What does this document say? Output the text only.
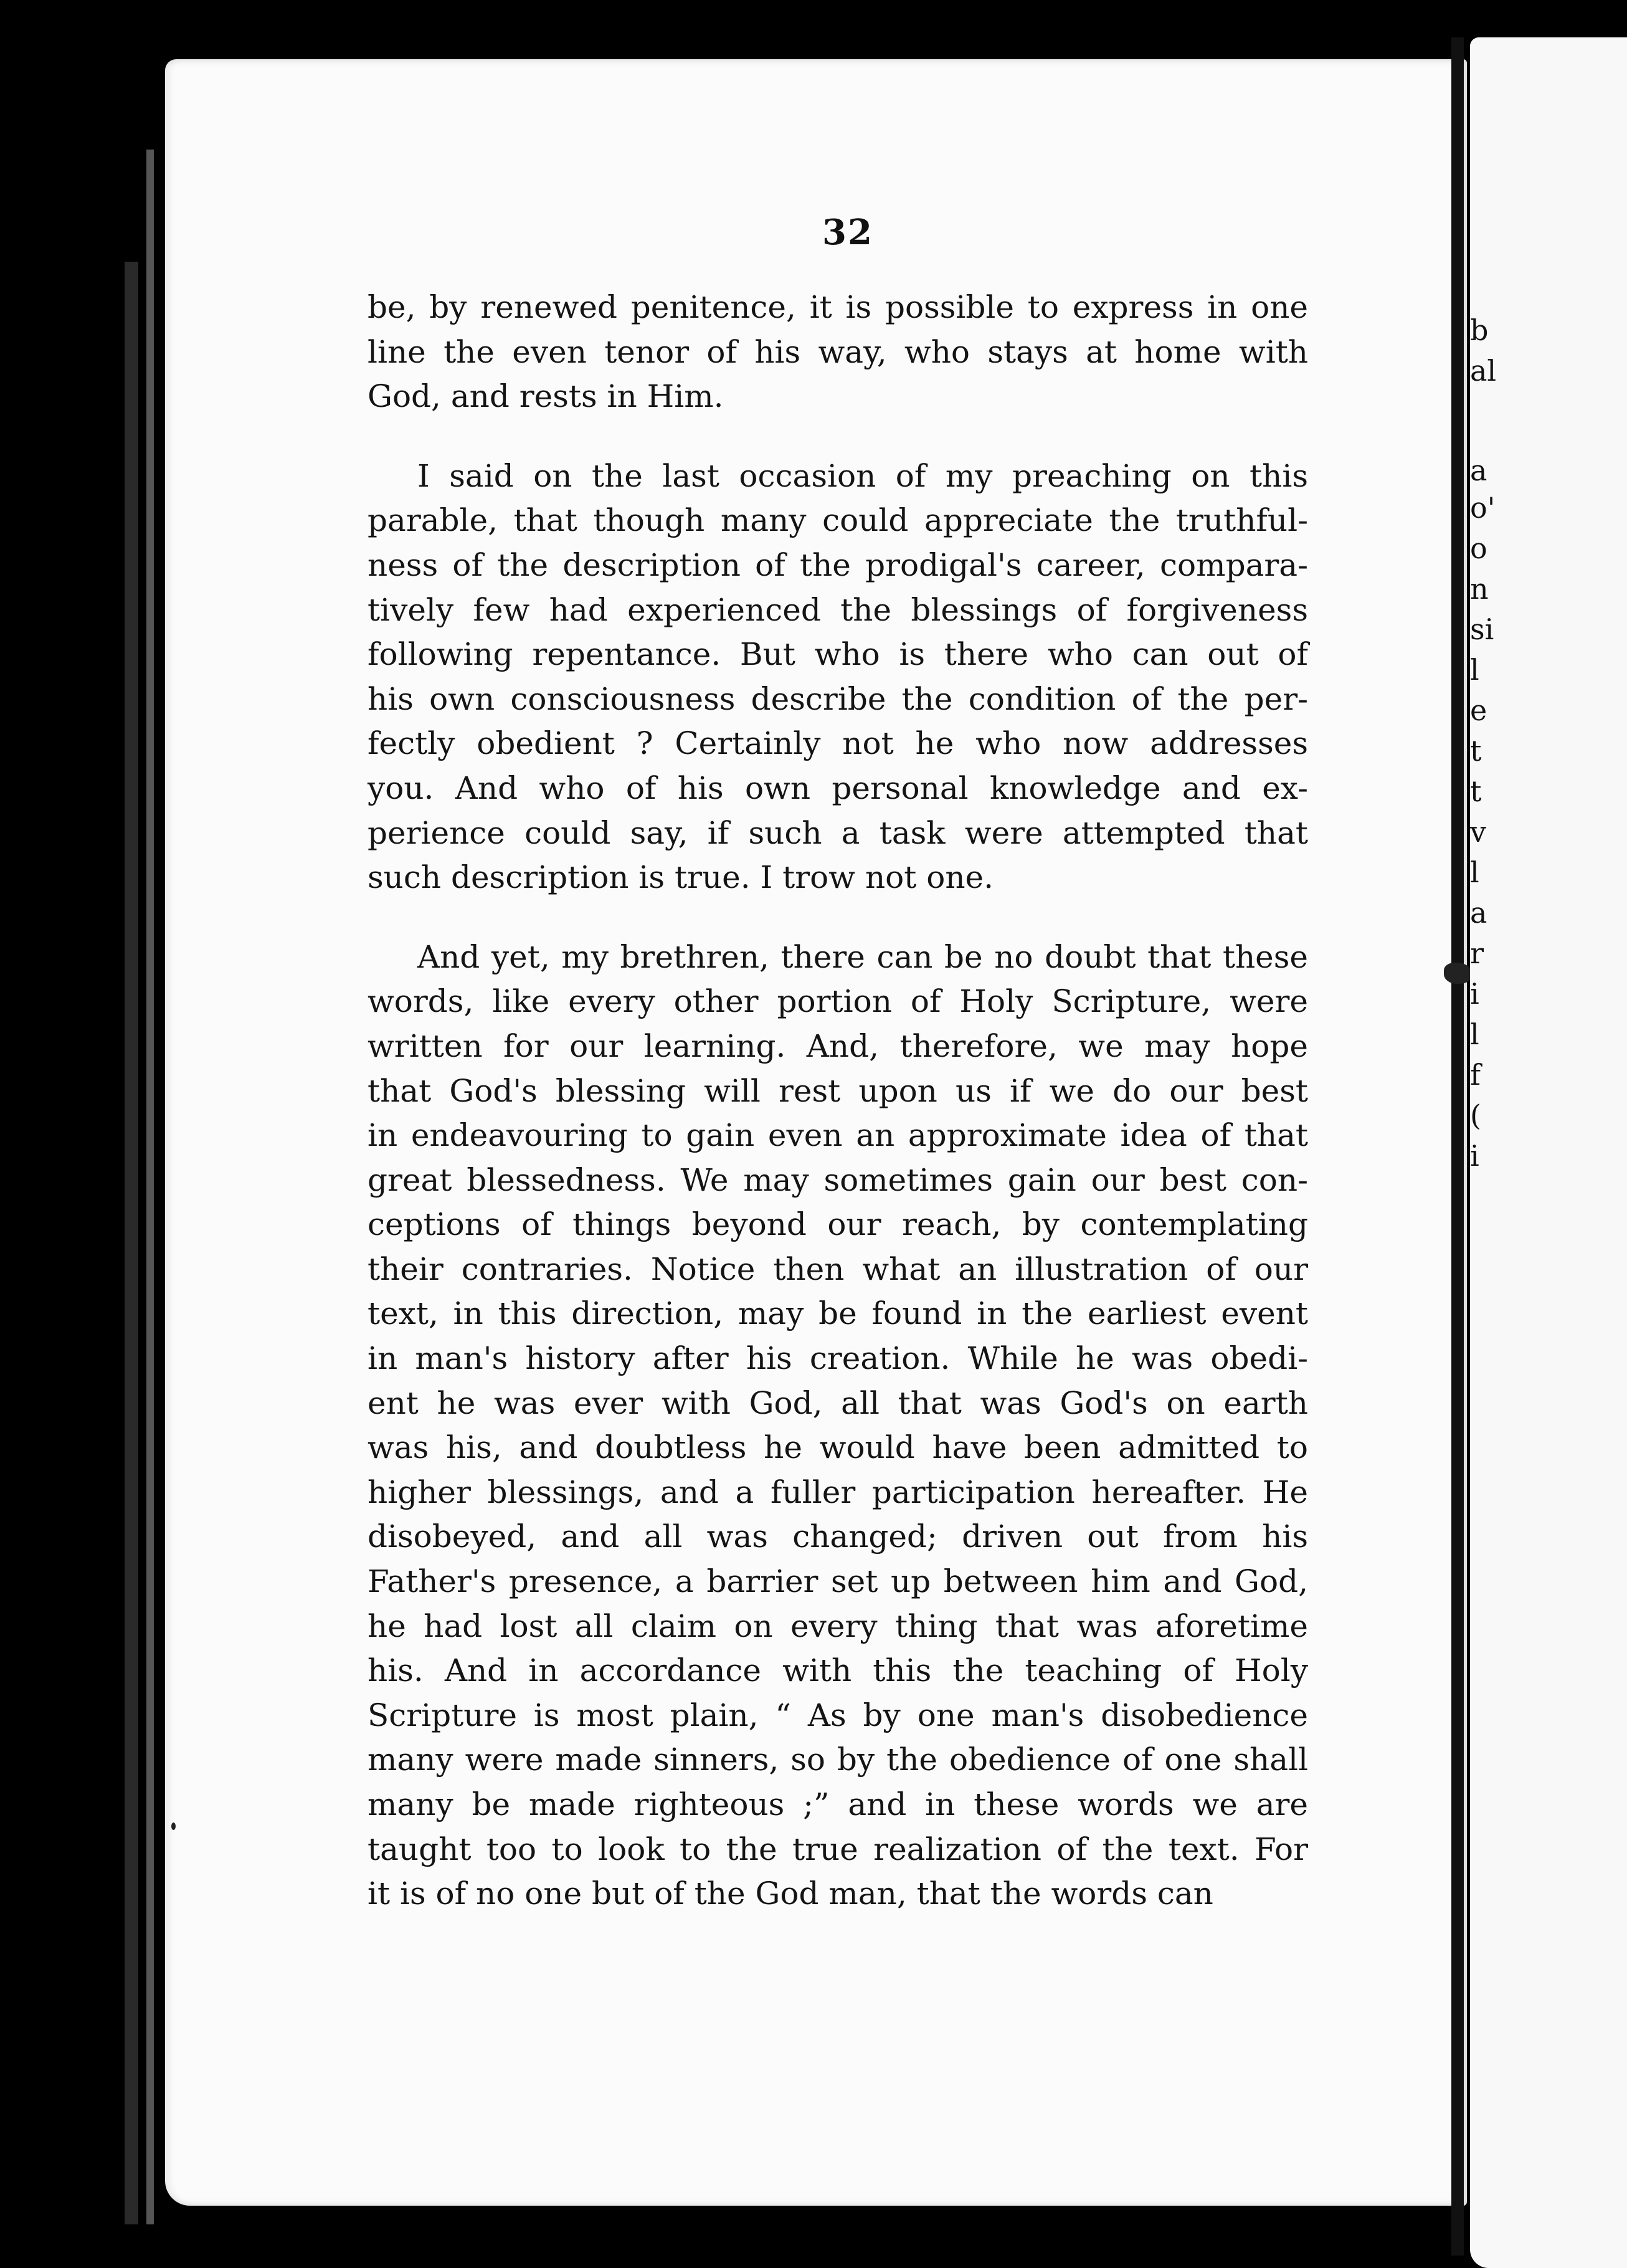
32
be, by renewed penitence, it is possible to express in one
line the even tenor of his way, who stays at home with
God, and rests in Him.
I said on the last occasion of my preaching on this
parable, that though many could appreciate the truthful-
ness of the description of the prodigal's career, compara-
tively few had experienced the blessings of forgiveness
following repentance. But who is there who can out of
his own consciousness describe the condition of the per-
fectly obedient ? Certainly not he who now addresses
you. And who of his own personal knowledge and ex-
perience could say, if such a task were attempted that
such description is true. I trow not one.
And yet, my brethren, there can be no doubt that these
words, like every other portion of Holy Scripture, were
written for our learning. And, therefore, we may hope
that God's blessing will rest upon us if we do our best
in endeavouring to gain even an approximate idea of that
great blessedness. We may sometimes gain our best con-
ceptions of things beyond our reach, by contemplating
their contraries. Notice then what an illustration of our
text, in this direction, may be found in the earliest event
in man's history after his creation. While he was obedi-
ent he was ever with God, all that was God's on earth
was his, and doubtless he would have been admitted to
higher blessings, and a fuller participation hereafter. He
disobeyed, and all was changed; driven out from his
Father's presence, a barrier set up between him and God,
he had lost all claim on every thing that was aforetime
his. And in accordance with this the teaching of Holy
Scripture is most plain, “ As by one man's disobedience
many were made sinners, so by the obedience of one shall
many be made righteous ;” and in these words we are
taught too to look to the true realization of the text. For
it is of no one but of the God man, that the words can
b
al
a
o'
o
n
si
l
e
t
t
v
l
a
r
i
l
f
(
i
